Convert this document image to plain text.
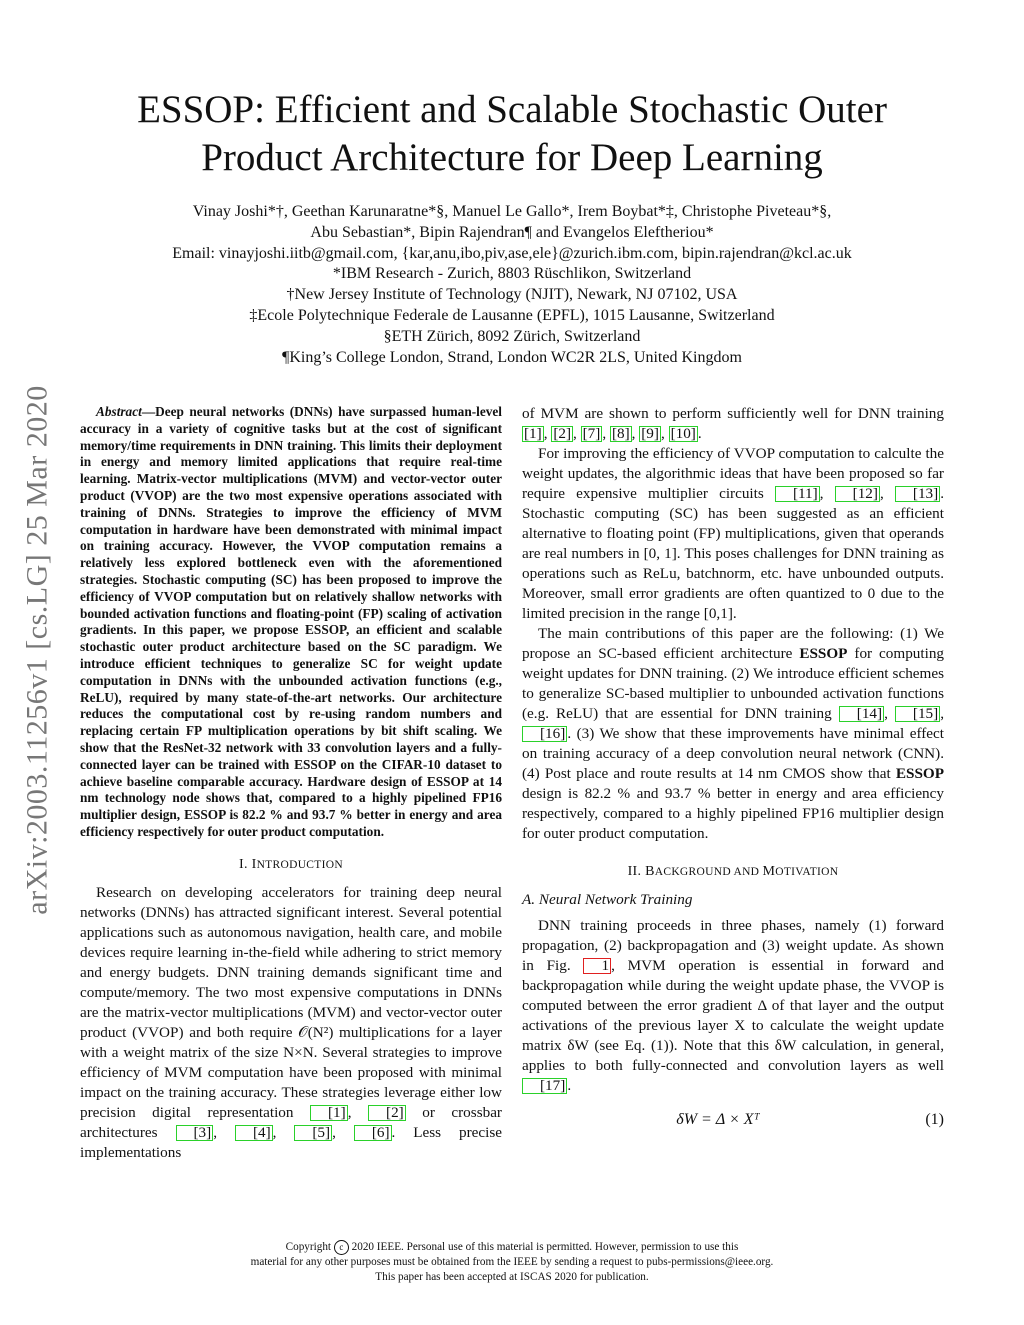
arXiv:2003.11256v1 [cs.LG] 25 Mar 2020
ESSOP: Efficient and Scalable Stochastic Outer
Product Architecture for Deep Learning
Vinay Joshi*†, Geethan Karunaratne*§, Manuel Le Gallo*, Irem Boybat*‡, Christophe Piveteau*§,
Abu Sebastian*, Bipin Rajendran¶ and Evangelos Eleftheriou*
Email: vinayjoshi.iitb@gmail.com, {kar,anu,ibo,piv,ase,ele}@zurich.ibm.com, bipin.rajendran@kcl.ac.uk
*IBM Research - Zurich, 8803 Rüschlikon, Switzerland
†New Jersey Institute of Technology (NJIT), Newark, NJ 07102, USA
‡Ecole Polytechnique Federale de Lausanne (EPFL), 1015 Lausanne, Switzerland
§ETH Zürich, 8092 Zürich, Switzerland
¶King’s College London, Strand, London WC2R 2LS, United Kingdom

Abstract—Deep neural networks (DNNs) have surpassed human-level accuracy in a variety of cognitive tasks but at the cost of significant memory/time requirements in DNN training. This limits their deployment in energy and memory limited applications that require real-time learning. Matrix-vector multiplications (MVM) and vector-vector outer product (VVOP) are the two most expensive operations associated with training of DNNs. Strategies to improve the efficiency of MVM computation in hardware have been demonstrated with minimal impact on training accuracy. However, the VVOP computation remains a relatively less explored bottleneck even with the aforementioned strategies. Stochastic computing (SC) has been proposed to improve the efficiency of VVOP computation but on relatively shallow networks with bounded activation functions and floating-point (FP) scaling of activation gradients. In this paper, we propose ESSOP, an efficient and scalable stochastic outer product architecture based on the SC paradigm. We introduce efficient techniques to generalize SC for weight update computation in DNNs with the unbounded activation functions (e.g., ReLU), required by many state-of-the-art networks. Our architecture reduces the computational cost by re-using random numbers and replacing certain FP multiplication operations by bit shift scaling. We show that the ResNet-32 network with 33 convolution layers and a fully-connected layer can be trained with ESSOP on the CIFAR-10 dataset to achieve baseline comparable accuracy. Hardware design of ESSOP at 14 nm technology node shows that, compared to a highly pipelined FP16 multiplier design, ESSOP is 82.2 % and 93.7 % better in energy and area efficiency respectively for outer product computation.

I. INTRODUCTION

Research on developing accelerators for training deep neural networks (DNNs) has attracted significant interest. Several potential applications such as autonomous navigation, health care, and mobile devices require learning in-the-field while adhering to strict memory and energy budgets. DNN training demands significant time and compute/memory. The two most expensive computations in DNNs are the matrix-vector multiplications (MVM) and vector-vector outer product (VVOP) and both require 𝒪(N²) multiplications for a layer with a weight matrix of the size N×N. Several strategies to improve efficiency of MVM computation have been proposed with minimal impact on the training accuracy. These strategies leverage either low precision digital representation [1] , [2] or crossbar architectures [3] , [4] , [5] , [6] . Less precise implementations

of MVM are shown to perform sufficiently well for DNN training [1] , [2] , [7] , [8] , [9] , [10] .

For improving the efficiency of VVOP computation to calculte the weight updates, the algorithmic ideas that have been proposed so far require expensive multiplier circuits [11] , [12] , [13] . Stochastic computing (SC) has been suggested as an efficient alternative to floating point (FP) multiplications, given that operands are real numbers in [0, 1]. This poses challenges for DNN training as operations such as ReLu, batchnorm, etc. have unbounded outputs. Moreover, small error gradients are often quantized to 0 due to the limited precision in the range [0,1].

The main contributions of this paper are the following: (1) We propose an SC-based efficient architecture ESSOP for computing weight updates for DNN training. (2) We introduce efficient schemes to generalize SC-based multiplier to unbounded activation functions (e.g. ReLU) that are essential for DNN training [14] , [15] , [16] . (3) We show that these improvements have minimal effect on training accuracy of a deep convolution neural network (CNN). (4) Post place and route results at 14 nm CMOS show that ESSOP design is 82.2 % and 93.7 % better in energy and area efficiency respectively, compared to a highly pipelined FP16 multiplier design for outer product computation.

II. BACKGROUND AND MOTIVATION
A. Neural Network Training

DNN training proceeds in three phases, namely (1) forward propagation, (2) backpropagation and (3) weight update. As shown in Fig. 1 , MVM operation is essential in forward and backpropagation while during the weight update phase, the VVOP is computed between the error gradient Δ of that layer and the output activations of the previous layer X to calculate the weight update matrix δW (see Eq. (1)). Note that this δW calculation, in general, applies to both fully-connected and convolution layers as well [17] .

δW = Δ × Xᵀ	(1)
Copyright c 2020 IEEE. Personal use of this material is permitted. However, permission to use this
material for any other purposes must be obtained from the IEEE by sending a request to pubs-permissions@ieee.org.
This paper has been accepted at ISCAS 2020 for publication.
